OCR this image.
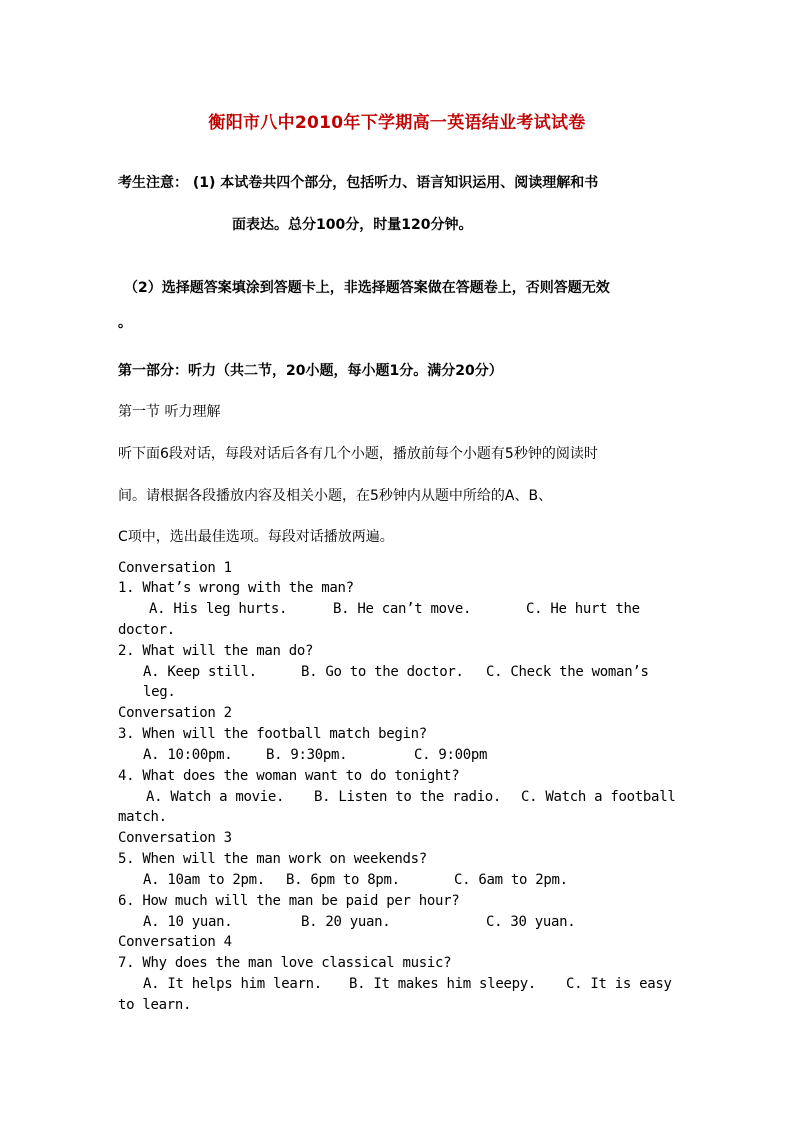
衡阳市八中2010年下学期高一英语结业考试试卷
考生注意： (1) 本试卷共四个部分，包括听力、语言知识运用、阅读理解和书
面表达。总分100分，时量120分钟。
（2）选择题答案填涂到答题卡上，非选择题答案做在答题卷上，否则答题无效
。
第一部分：听力（共二节，20小题，每小题1分。满分20分）
第一节 听力理解
听下面6段对话，每段对话后各有几个小题，播放前每个小题有5秒钟的阅读时
间。请根据各段播放内容及相关小题，在5秒钟内从题中所给的A、B、
C项中，选出最佳选项。每段对话播放两遍。
Conversation 1
1. What’s wrong with the man?
A. His leg hurts.	B. He can’t move.	C. He hurt the
doctor.
2. What will the man do?
A. Keep still.	B. Go to the doctor. C. Check the woman’s
leg.
Conversation 2
3. When will the football match begin?
A. 10:00pm. B. 9:30pm.	C. 9:00pm
4. What does the woman want to do tonight?
A. Watch a movie. B. Listen to the radio. C. Watch a football
match.
Conversation 3
5. When will the man work on weekends?
A. 10am to 2pm. B. 6pm to 8pm.	C. 6am to 2pm.
6. How much will the man be paid per hour?
A. 10 yuan.	B. 20 yuan.	C. 30 yuan.
Conversation 4
7. Why does the man love classical music?
A. It helps him learn. B. It makes him sleepy. C. It is easy
to learn.
